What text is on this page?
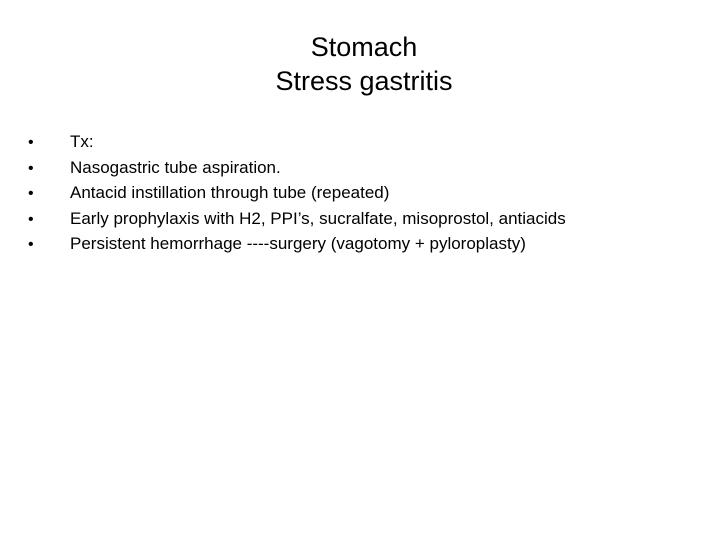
Stomach
Stress gastritis
•	Tx:
•	Nasogastric tube aspiration.
•	Antacid instillation through tube (repeated)
•	Early prophylaxis with H2, PPI’s, sucralfate, misoprostol, antiacids
•	Persistent hemorrhage ----surgery (vagotomy + pyloroplasty)
